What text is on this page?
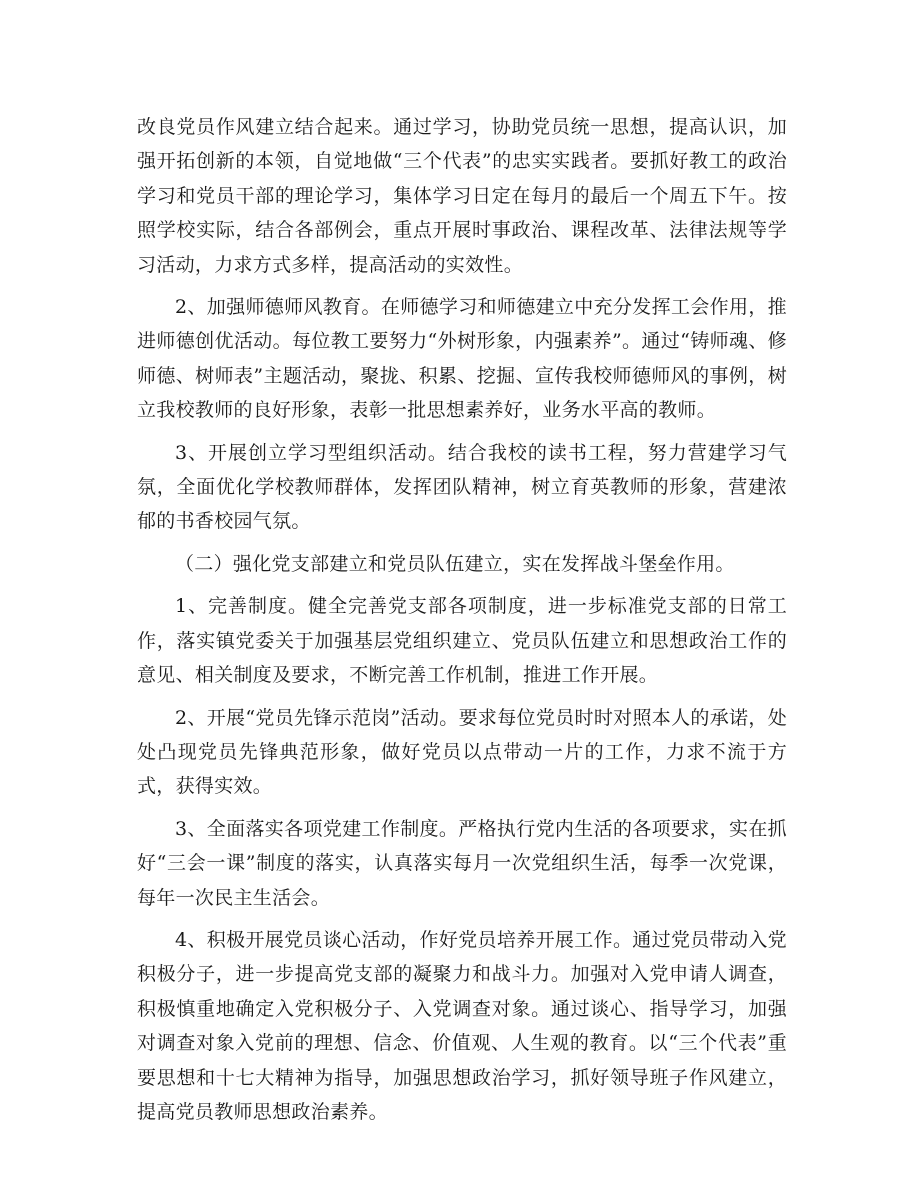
改良党员作风建立结合起来。通过学习，协助党员统一思想，提高认识，加强开拓创新的本领，自觉地做“三个代表”的忠实实践者。要抓好教工的政治学习和党员干部的理论学习，集体学习日定在每月的最后一个周五下午。按照学校实际，结合各部例会，重点开展时事政治、课程改革、法律法规等学习活动，力求方式多样，提高活动的实效性。

2、加强师德师风教育。在师德学习和师德建立中充分发挥工会作用，推进师德创优活动。每位教工要努力“外树形象，内强素养”。通过“铸师魂、修师德、树师表”主题活动，聚拢、积累、挖掘、宣传我校师德师风的事例，树立我校教师的良好形象，表彰一批思想素养好，业务水平高的教师。

3、开展创立学习型组织活动。结合我校的读书工程，努力营建学习气氛，全面优化学校教师群体，发挥团队精神，树立育英教师的形象，营建浓郁的书香校园气氛。

（二）强化党支部建立和党员队伍建立，实在发挥战斗堡垒作用。

1、完善制度。健全完善党支部各项制度，进一步标准党支部的日常工作，落实镇党委关于加强基层党组织建立、党员队伍建立和思想政治工作的意见、相关制度及要求，不断完善工作机制，推进工作开展。

2、开展“党员先锋示范岗”活动。要求每位党员时时对照本人的承诺，处处凸现党员先锋典范形象，做好党员以点带动一片的工作，力求不流于方式，获得实效。

3、全面落实各项党建工作制度。严格执行党内生活的各项要求，实在抓好“三会一课”制度的落实，认真落实每月一次党组织生活，每季一次党课，每年一次民主生活会。

4、积极开展党员谈心活动，作好党员培养开展工作。通过党员带动入党积极分子，进一步提高党支部的凝聚力和战斗力。加强对入党申请人调查，积极慎重地确定入党积极分子、入党调查对象。通过谈心、指导学习，加强对调查对象入党前的理想、信念、价值观、人生观的教育。以“三个代表”重要思想和十七大精神为指导，加强思想政治学习，抓好领导班子作风建立，提高党员教师思想政治素养。
